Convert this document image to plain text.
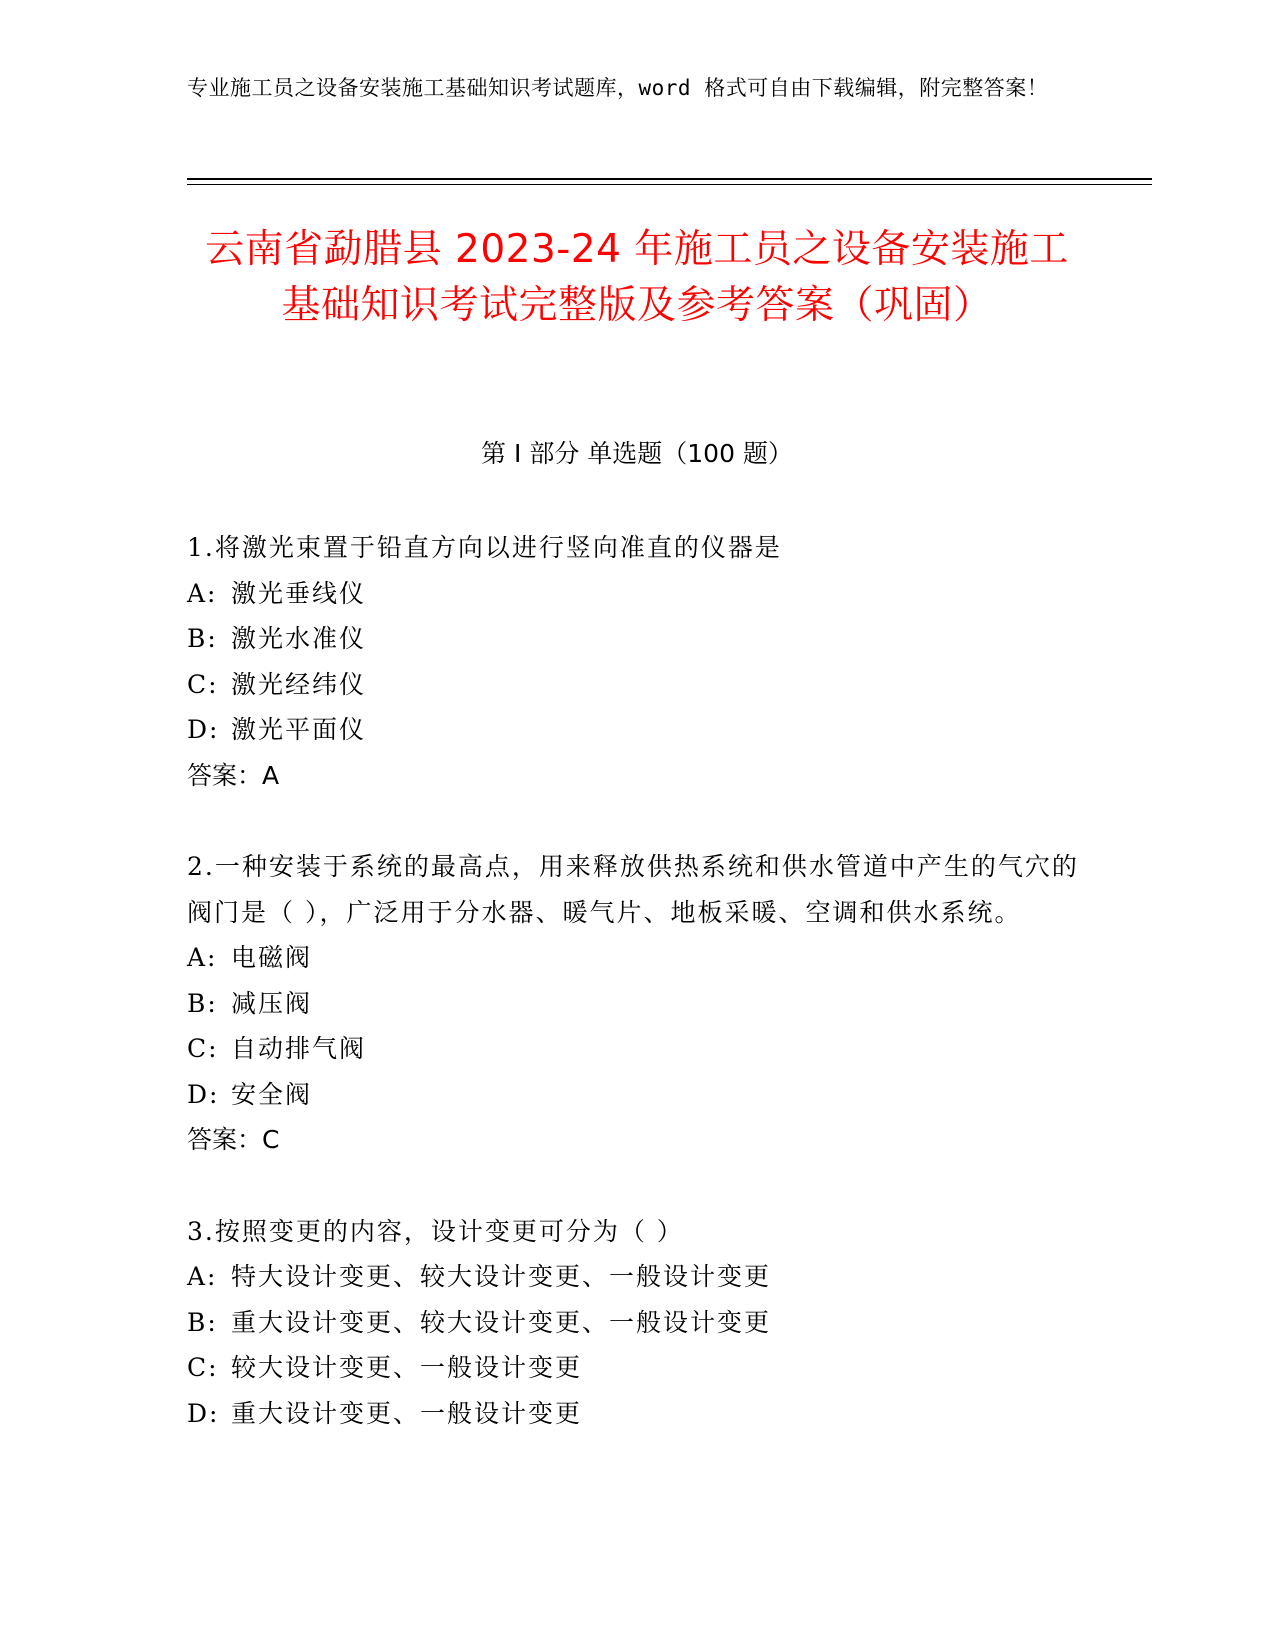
专业施工员之设备安装施工基础知识考试题库，word 格式可自由下载编辑，附完整答案！
云南省勐腊县 2023-24 年施工员之设备安装施工基础知识考试完整版及参考答案（巩固）
第 I 部分 单选题（100 题）
1.将激光束置于铅直方向以进行竖向准直的仪器是
A: 激光垂线仪
B: 激光水准仪
C: 激光经纬仪
D: 激光平面仪
答案：A
2.一种安装于系统的最高点，用来释放供热系统和供水管道中产生的气穴的阀门是（ ），广泛用于分水器、暖气片、地板采暖、空调和供水系统。
A: 电磁阀
B: 减压阀
C: 自动排气阀
D: 安全阀
答案：C
3.按照变更的内容，设计变更可分为（ ）
A: 特大设计变更、较大设计变更、一般设计变更
B: 重大设计变更、较大设计变更、一般设计变更
C: 较大设计变更、一般设计变更
D: 重大设计变更、一般设计变更
